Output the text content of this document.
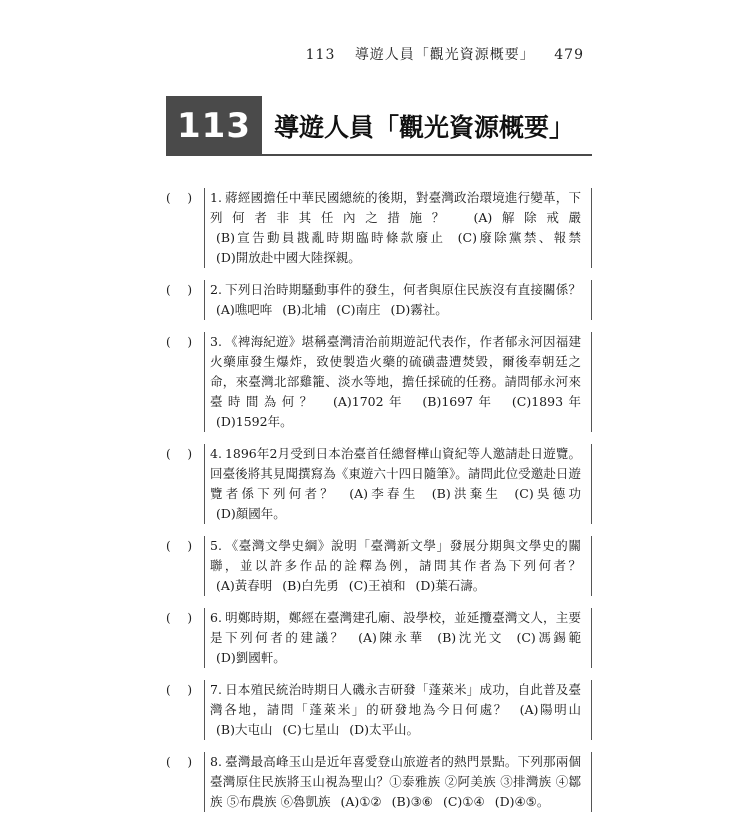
113 導遊人員「觀光資源概要」 479
113 導遊人員「觀光資源概要」
( )	1. 蔣經國擔任中華民國總統的後期，對臺灣政治環境進行變革，下列何者非其任內之措施？ (A)解除戒嚴 (B)宣告動員戡亂時期臨時條款廢止 (C)廢除黨禁、報禁 (D)開放赴中國大陸探親。
( )	2. 下列日治時期騷動事件的發生，何者與原住民族沒有直接關係？ (A)噍吧哖 (B)北埔 (C)南庄 (D)霧社。
( )	3. 《裨海紀遊》堪稱臺灣清治前期遊記代表作，作者郁永河因福建火藥庫發生爆炸，致使製造火藥的硫磺盡遭焚毀，爾後奉朝廷之命，來臺灣北部雞籠、淡水等地，擔任採硫的任務。請問郁永河來臺時間為何？ (A)1702年 (B)1697年 (C)1893年 (D)1592年。
( )	4. 1896年2月受到日本治臺首任總督樺山資紀等人邀請赴日遊覽。回臺後將其見聞撰寫為《東遊六十四日隨筆》。請問此位受邀赴日遊覽者係下列何者？ (A)李春生 (B)洪棄生 (C)吳德功 (D)顏國年。
( )	5. 《臺灣文學史綱》說明「臺灣新文學」發展分期與文學史的關聯，並以許多作品的詮釋為例，請問其作者為下列何者？ (A)黃春明 (B)白先勇 (C)王禎和 (D)葉石濤。
( )	6. 明鄭時期，鄭經在臺灣建孔廟、設學校，並延攬臺灣文人，主要是下列何者的建議？ (A)陳永華 (B)沈光文 (C)馮錫範 (D)劉國軒。
( )	7. 日本殖民統治時期日人磯永吉研發「蓬萊米」成功，自此普及臺灣各地，請問「蓬萊米」的研發地為今日何處？ (A)陽明山 (B)大屯山 (C)七星山 (D)太平山。
( )	8. 臺灣最高峰玉山是近年喜愛登山旅遊者的熱門景點。下列那兩個臺灣原住民族將玉山視為聖山？①泰雅族 ②阿美族 ③排灣族 ④鄒族 ⑤布農族 ⑥魯凱族 (A)①② (B)③⑥ (C)①④ (D)④⑤。
